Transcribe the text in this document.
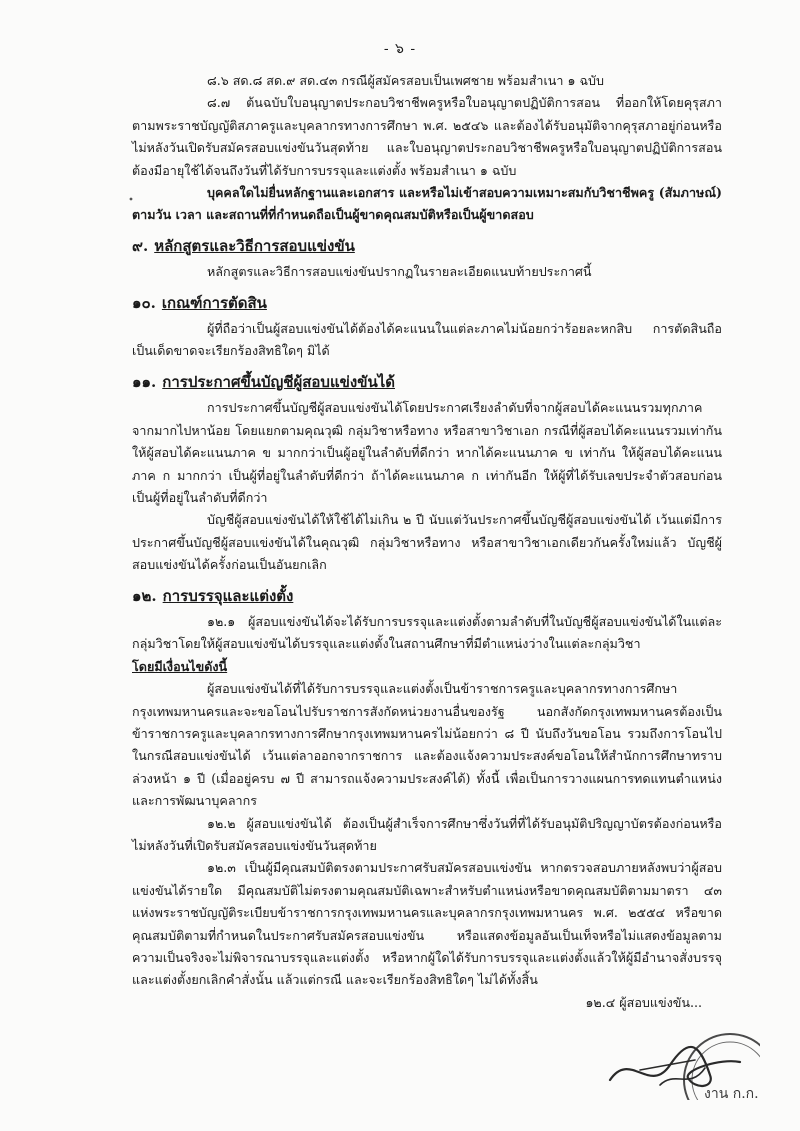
- ๖ -

๘.๖ สด.๘ สด.๙ สด.๔๓ กรณีผู้สมัครสอบเป็นเพศชาย พร้อมสำเนา ๑ ฉบับ

๘.๗ ต้นฉบับใบอนุญาตประกอบวิชาชีพครูหรือใบอนุญาตปฏิบัติการสอน ที่ออกให้โดยคุรุสภาตามพระราชบัญญัติสภาครูและบุคลากรทางการศึกษา พ.ศ. ๒๕๔๖ และต้องได้รับอนุมัติจากคุรุสภาอยู่ก่อนหรือไม่หลังวันเปิดรับสมัครสอบแข่งขันวันสุดท้าย และใบอนุญาตประกอบวิชาชีพครูหรือใบอนุญาตปฏิบัติการสอนต้องมีอายุใช้ได้จนถึงวันที่ได้รับการบรรจุและแต่งตั้ง พร้อมสำเนา ๑ ฉบับ

บุคคลใดไม่ยื่นหลักฐานและเอกสาร และหรือไม่เข้าสอบความเหมาะสมกับวิชาชีพครู (สัมภาษณ์) ตามวัน เวลา และสถานที่ที่กำหนดถือเป็นผู้ขาดคุณสมบัติหรือเป็นผู้ขาดสอบ

๙. หลักสูตรและวิธีการสอบแข่งขัน

หลักสูตรและวิธีการสอบแข่งขันปรากฏในรายละเอียดแนบท้ายประกาศนี้

๑๐. เกณฑ์การตัดสิน

ผู้ที่ถือว่าเป็นผู้สอบแข่งขันได้ต้องได้คะแนนในแต่ละภาคไม่น้อยกว่าร้อยละหกสิบ การตัดสินถือเป็นเด็ดขาดจะเรียกร้องสิทธิใดๆ มิได้

๑๑. การประกาศขึ้นบัญชีผู้สอบแข่งขันได้

การประกาศขึ้นบัญชีผู้สอบแข่งขันได้โดยประกาศเรียงลำดับที่จากผู้สอบได้คะแนนรวมทุกภาคจากมากไปหาน้อย โดยแยกตามคุณวุฒิ กลุ่มวิชาหรือทาง หรือสาขาวิชาเอก กรณีที่ผู้สอบได้คะแนนรวมเท่ากันให้ผู้สอบได้คะแนนภาค ข มากกว่าเป็นผู้อยู่ในลำดับที่ดีกว่า หากได้คะแนนภาค ข เท่ากัน ให้ผู้สอบได้คะแนนภาค ก มากกว่า เป็นผู้ที่อยู่ในลำดับที่ดีกว่า ถ้าได้คะแนนภาค ก เท่ากันอีก ให้ผู้ที่ได้รับเลขประจำตัวสอบก่อนเป็นผู้ที่อยู่ในลำดับที่ดีกว่า

บัญชีผู้สอบแข่งขันได้ให้ใช้ได้ไม่เกิน ๒ ปี นับแต่วันประกาศขึ้นบัญชีผู้สอบแข่งขันได้ เว้นแต่มีการประกาศขึ้นบัญชีผู้สอบแข่งขันได้ในคุณวุฒิ กลุ่มวิชาหรือทาง หรือสาขาวิชาเอกเดียวกันครั้งใหม่แล้ว บัญชีผู้สอบแข่งขันได้ครั้งก่อนเป็นอันยกเลิก

๑๒. การบรรจุและแต่งตั้ง

๑๒.๑ ผู้สอบแข่งขันได้จะได้รับการบรรจุและแต่งตั้งตามลำดับที่ในบัญชีผู้สอบแข่งขันได้ในแต่ละกลุ่มวิชาโดยให้ผู้สอบแข่งขันได้บรรจุและแต่งตั้งในสถานศึกษาที่มีตำแหน่งว่างในแต่ละกลุ่มวิชา

โดยมีเงื่อนไขดังนี้

ผู้สอบแข่งขันได้ที่ได้รับการบรรจุและแต่งตั้งเป็นข้าราชการครูและบุคลากรทางการศึกษากรุงเทพมหานครและจะขอโอนไปรับราชการสังกัดหน่วยงานอื่นของรัฐ นอกสังกัดกรุงเทพมหานครต้องเป็นข้าราชการครูและบุคลากรทางการศึกษากรุงเทพมหานครไม่น้อยกว่า ๘ ปี นับถึงวันขอโอน รวมถึงการโอนไปในกรณีสอบแข่งขันได้ เว้นแต่ลาออกจากราชการ และต้องแจ้งความประสงค์ขอโอนให้สำนักการศึกษาทราบล่วงหน้า ๑ ปี (เมื่ออยู่ครบ ๗ ปี สามารถแจ้งความประสงค์ได้) ทั้งนี้ เพื่อเป็นการวางแผนการทดแทนตำแหน่งและการพัฒนาบุคลากร

๑๒.๒ ผู้สอบแข่งขันได้ ต้องเป็นผู้สำเร็จการศึกษาซึ่งวันที่ที่ได้รับอนุมัติปริญญาบัตรต้องก่อนหรือไม่หลังวันที่เปิดรับสมัครสอบแข่งขันวันสุดท้าย

๑๒.๓ เป็นผู้มีคุณสมบัติตรงตามประกาศรับสมัครสอบแข่งขัน หากตรวจสอบภายหลังพบว่าผู้สอบแข่งขันได้รายใด มีคุณสมบัติไม่ตรงตามคุณสมบัติเฉพาะสำหรับตำแหน่งหรือขาดคุณสมบัติตามมาตรา ๔๓ แห่งพระราชบัญญัติระเบียบข้าราชการกรุงเทพมหานครและบุคลากรกรุงเทพมหานคร พ.ศ. ๒๕๕๔ หรือขาดคุณสมบัติตามที่กำหนดในประกาศรับสมัครสอบแข่งขัน หรือแสดงข้อมูลอันเป็นเท็จหรือไม่แสดงข้อมูลตามความเป็นจริงจะไม่พิจารณาบรรจุและแต่งตั้ง หรือหากผู้ใดได้รับการบรรจุและแต่งตั้งแล้วให้ผู้มีอำนาจสั่งบรรจุและแต่งตั้งยกเลิกคำสั่งนั้น แล้วแต่กรณี และจะเรียกร้องสิทธิใดๆ ไม่ได้ทั้งสิ้น

๑๒.๔ ผู้สอบแข่งขัน...

งาน ก.ก.
